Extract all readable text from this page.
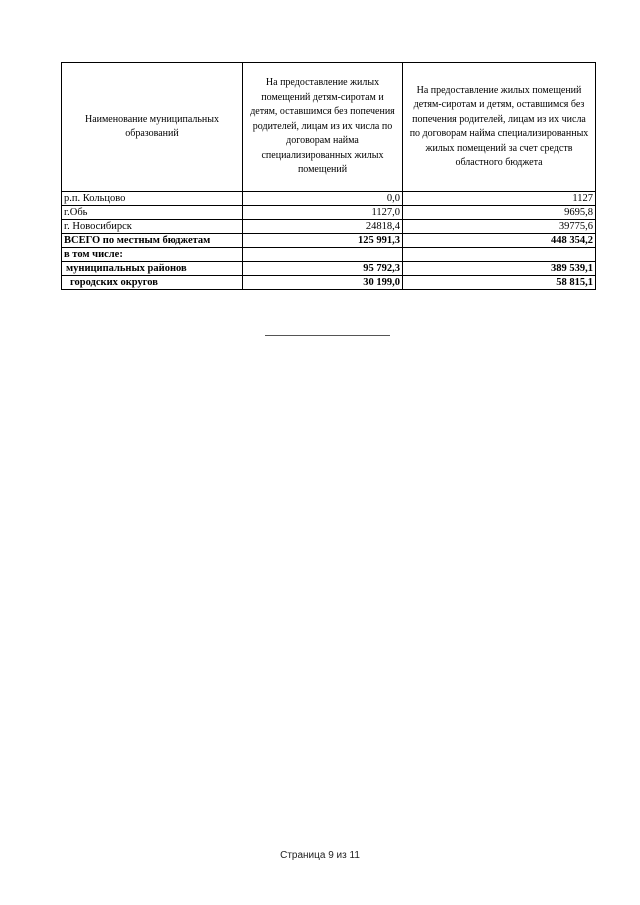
Наименование муниципальных образований	На предоставление жилых помещений детям-сиротам и детям, оставшимся без попечения родителей, лицам из их числа по договорам найма специализированных жилых помещений	На предоставление жилых помещений детям-сиротам и детям, оставшимся без попечения родителей, лицам из их числа по договорам найма специализированных жилых помещений за счет средств областного бюджета
р.п. Кольцово	0,0	1127
г.Обь	1127,0	9695,8
г. Новосибирск	24818,4	39775,6
ВСЕГО по местным бюджетам	125 991,3	448 354,2
в том числе:		
муниципальных районов	95 792,3	389 539,1
городских округов	30 199,0	58 815,1
Страница 9 из 11
